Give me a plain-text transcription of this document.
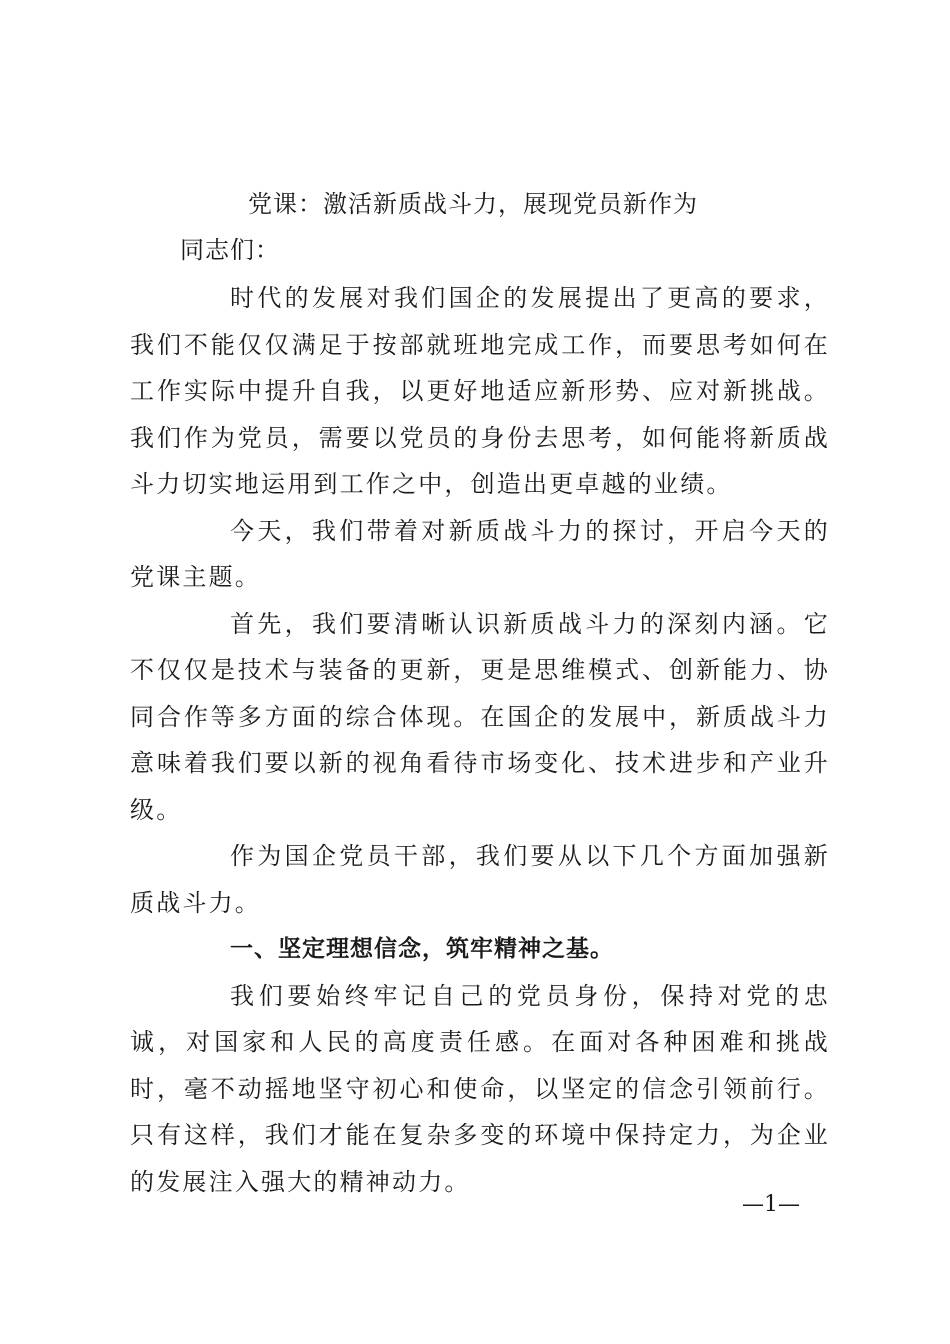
党课：激活新质战斗力，展现党员新作为
同志们：

时代的发展对我们国企的发展提出了更高的要求，我们不能仅仅满足于按部就班地完成工作，而要思考如何在工作实际中提升自我，以更好地适应新形势、应对新挑战。我们作为党员，需要以党员的身份去思考，如何能将新质战斗力切实地运用到工作之中，创造出更卓越的业绩。

今天，我们带着对新质战斗力的探讨，开启今天的党课主题。

首先，我们要清晰认识新质战斗力的深刻内涵。它不仅仅是技术与装备的更新，更是思维模式、创新能力、协同合作等多方面的综合体现。在国企的发展中，新质战斗力意味着我们要以新的视角看待市场变化、技术进步和产业升级。

作为国企党员干部，我们要从以下几个方面加强新质战斗力。

一、坚定理想信念，筑牢精神之基。

我们要始终牢记自己的党员身份，保持对党的忠诚，对国家和人民的高度责任感。在面对各种困难和挑战时，毫不动摇地坚守初心和使命，以坚定的信念引领前行。只有这样，我们才能在复杂多变的环境中保持定力，为企业的发展注入强大的精神动力。

—1—
